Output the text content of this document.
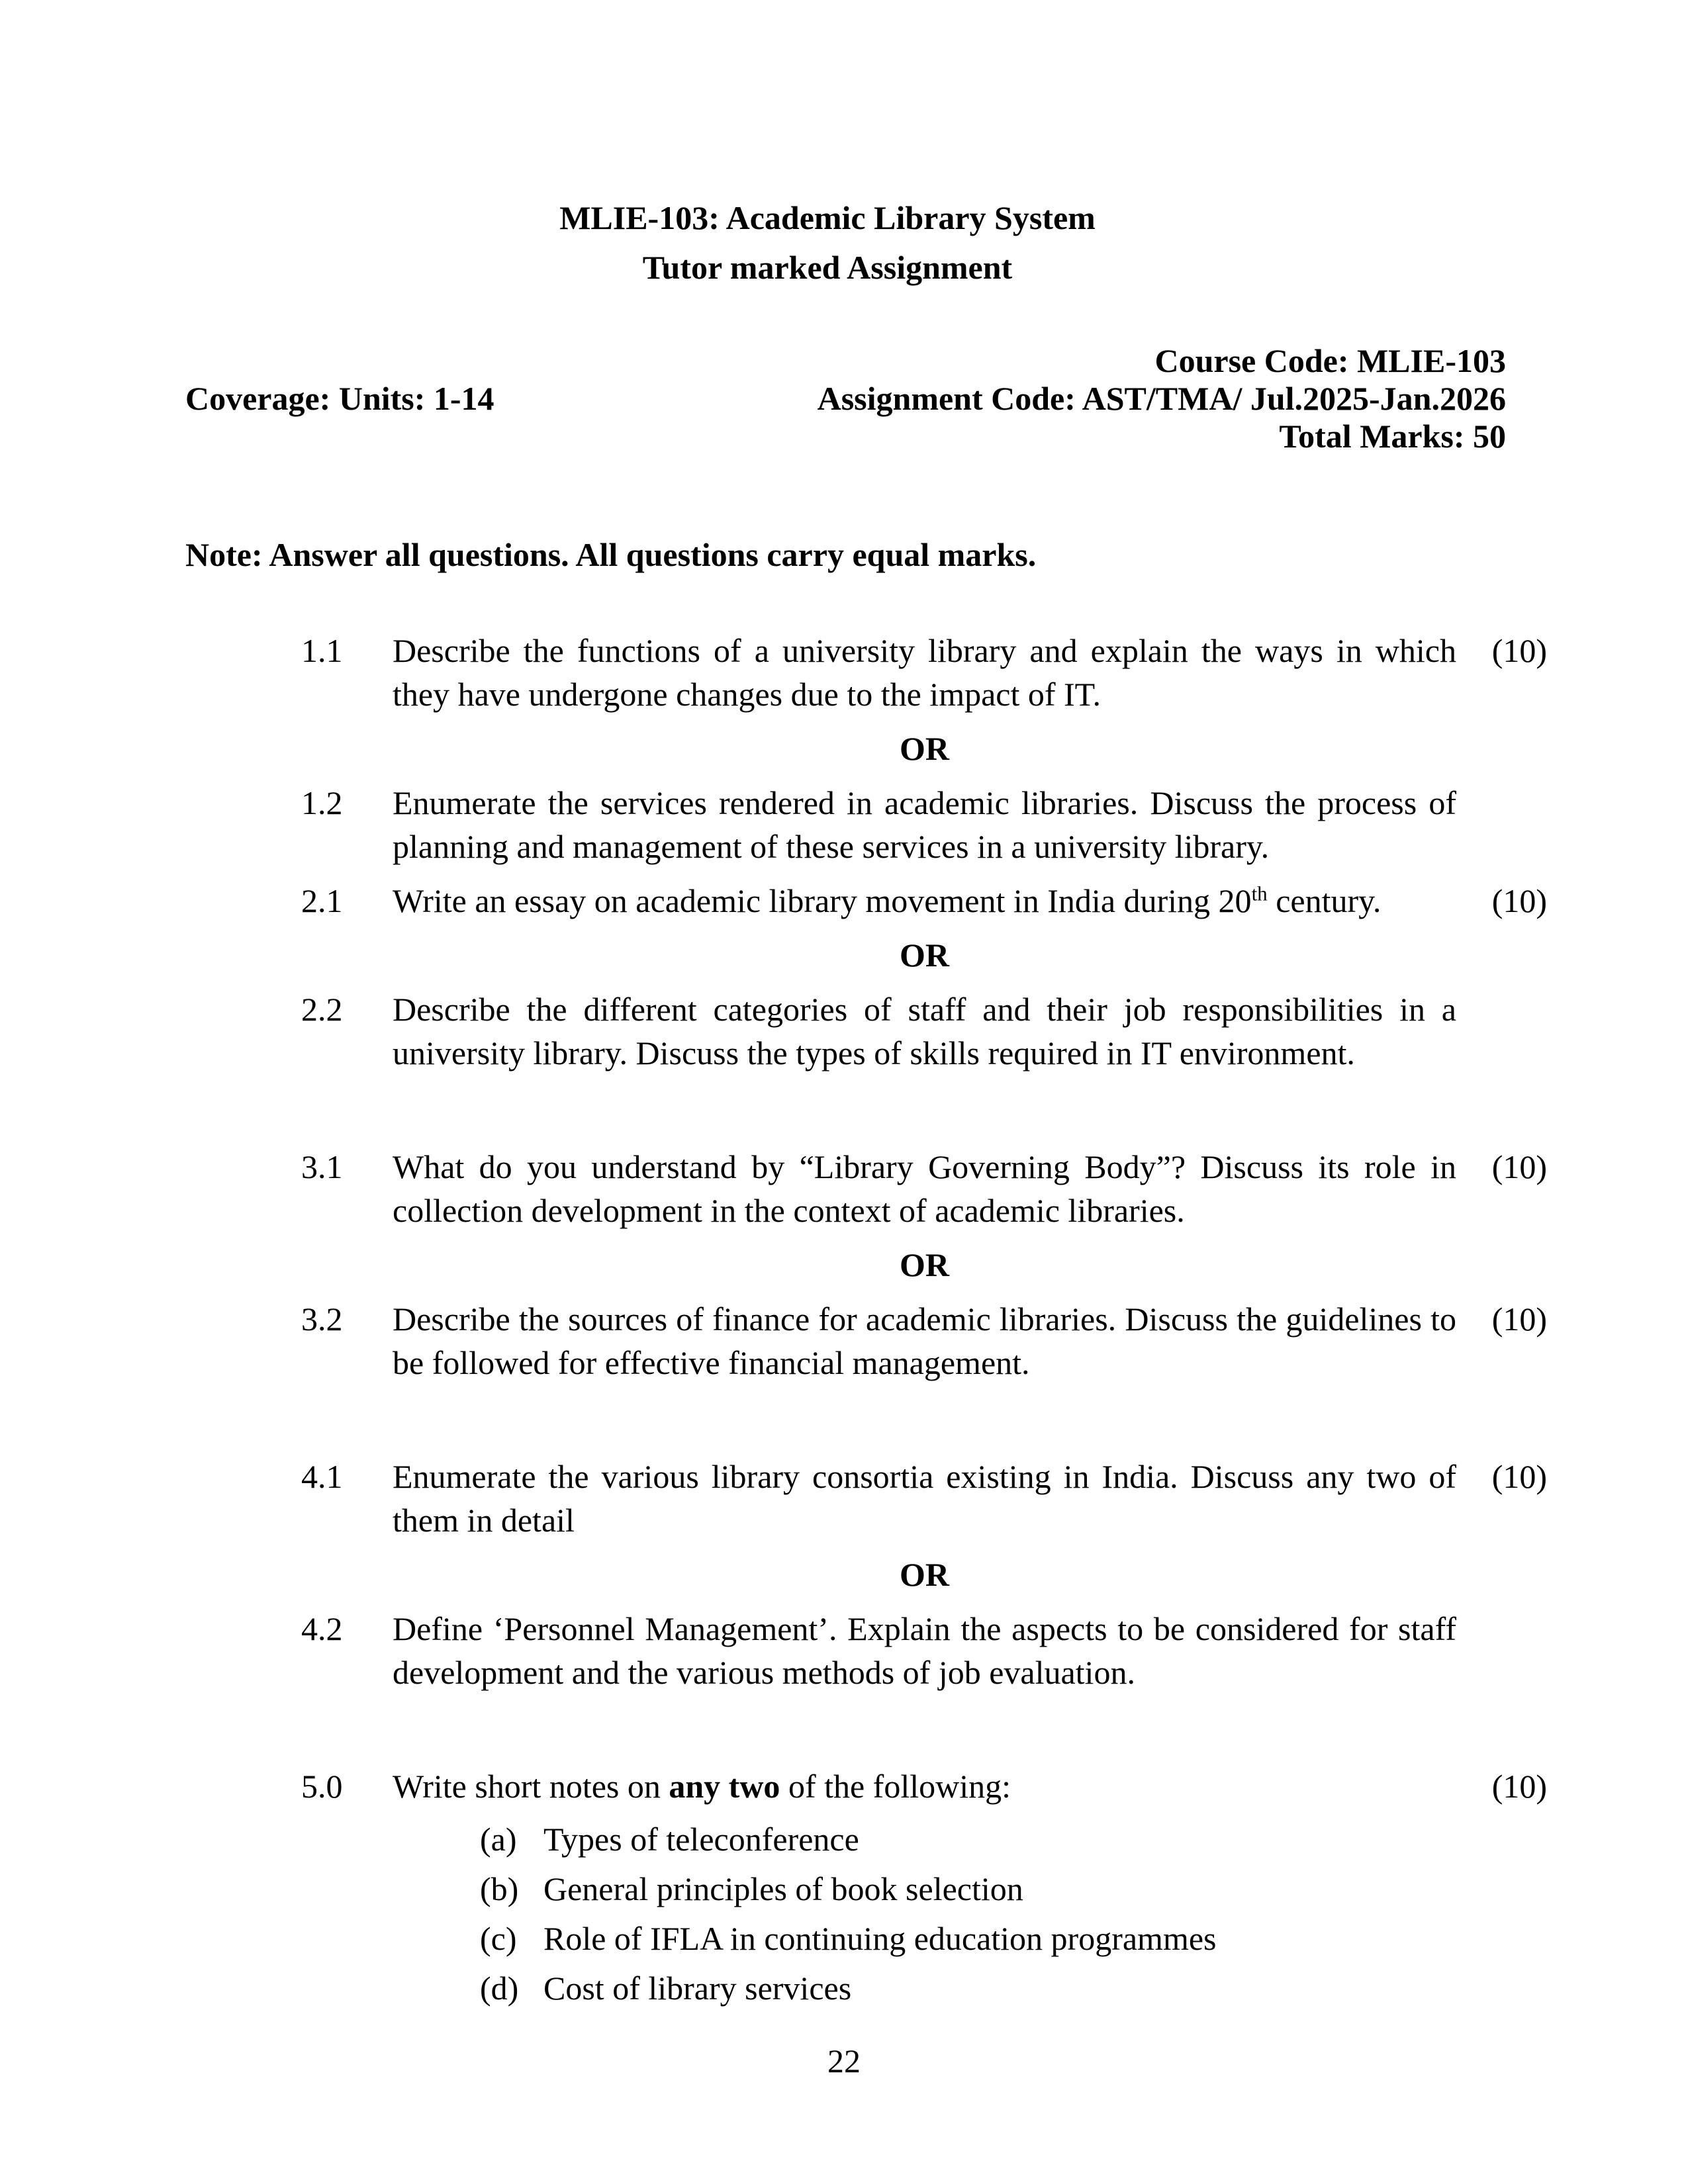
MLIE-103: Academic Library System
Tutor marked Assignment
Course Code: MLIE-103
Coverage: Units: 1-14	Assignment Code: AST/TMA/ Jul.2025-Jan.2026
Total Marks: 50
Note: Answer all questions. All questions carry equal marks.
1.1	Describe the functions of a university library and explain the ways in which they have undergone changes due to the impact of IT.
(10)
OR
1.2	Enumerate the services rendered in academic libraries. Discuss the process of planning and management of these services in a university library.
2.1	Write an essay on academic library movement in India during 20th century.	(10)
OR
2.2	Describe the different categories of staff and their job responsibilities in a university library. Discuss the types of skills required in IT environment.
3.1	What do you understand by “Library Governing Body”? Discuss its role in collection development in the context of academic libraries.
(10)
OR
3.2	Describe the sources of finance for academic libraries. Discuss the guidelines to be followed for effective financial management.
(10)
4.1	Enumerate the various library consortia existing in India. Discuss any two of them in detail
(10)
OR
4.2	Define ‘Personnel Management’. Explain the aspects to be considered for staff development and the various methods of job evaluation.
5.0	Write short notes on any two of the following:
(a) Types of teleconference
(b) General principles of book selection
(c) Role of IFLA in continuing education programmes
(d) Cost of library services
(10)
22
